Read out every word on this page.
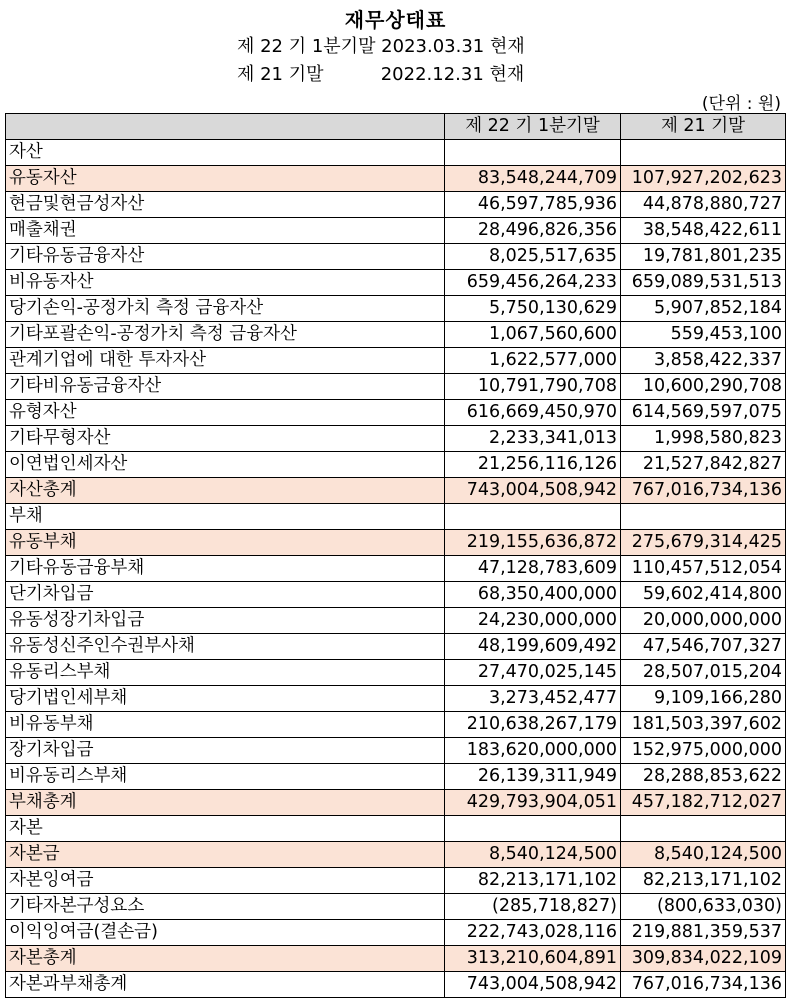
재무상태표
제 22 기 1분기말 2023.03.31 현재
제 21 기말          2022.12.31 현재
(단위 : 원)
	제 22 기 1분기말	제 21 기말
자산		
유동자산	83,548,244,709	107,927,202,623
현금및현금성자산	46,597,785,936	44,878,880,727
매출채권	28,496,826,356	38,548,422,611
기타유동금융자산	8,025,517,635	19,781,801,235
비유동자산	659,456,264,233	659,089,531,513
당기손익-공정가치 측정 금융자산	5,750,130,629	5,907,852,184
기타포괄손익-공정가치 측정 금융자산	1,067,560,600	559,453,100
관계기업에 대한 투자자산	1,622,577,000	3,858,422,337
기타비유동금융자산	10,791,790,708	10,600,290,708
유형자산	616,669,450,970	614,569,597,075
기타무형자산	2,233,341,013	1,998,580,823
이연법인세자산	21,256,116,126	21,527,842,827
자산총계	743,004,508,942	767,016,734,136
부채		
유동부채	219,155,636,872	275,679,314,425
기타유동금융부채	47,128,783,609	110,457,512,054
단기차입금	68,350,400,000	59,602,414,800
유동성장기차입금	24,230,000,000	20,000,000,000
유동성신주인수권부사채	48,199,609,492	47,546,707,327
유동리스부채	27,470,025,145	28,507,015,204
당기법인세부채	3,273,452,477	9,109,166,280
비유동부채	210,638,267,179	181,503,397,602
장기차입금	183,620,000,000	152,975,000,000
비유동리스부채	26,139,311,949	28,288,853,622
부채총계	429,793,904,051	457,182,712,027
자본		
자본금	8,540,124,500	8,540,124,500
자본잉여금	82,213,171,102	82,213,171,102
기타자본구성요소	(285,718,827)	(800,633,030)
이익잉여금(결손금)	222,743,028,116	219,881,359,537
자본총계	313,210,604,891	309,834,022,109
자본과부채총계	743,004,508,942	767,016,734,136
